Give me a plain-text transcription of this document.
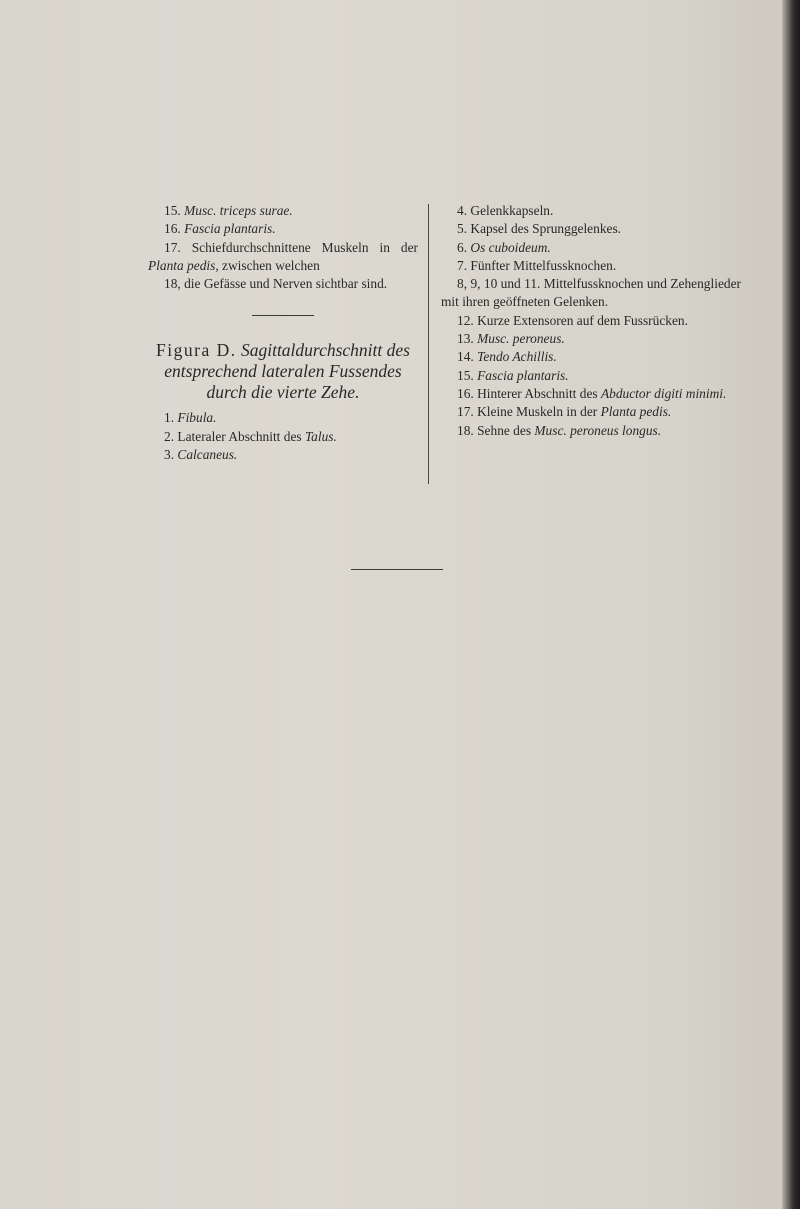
15. Musc. triceps surae.

16. Fascia plantaris.

17. Schiefdurchschnittene Muskeln in der Planta pedis, zwischen welchen

18, die Gefässe und Nerven sichtbar sind.

Figura D. Sagittaldurchschnitt des entsprechend lateralen Fussendes durch die vierte Zehe.

1. Fibula.

2. Lateraler Abschnitt des Talus.

3. Calcaneus.

4. Gelenkkapseln.

5. Kapsel des Sprunggelenkes.

6. Os cuboideum.

7. Fünfter Mittelfussknochen.

8, 9, 10 und 11. Mittelfussknochen und Zehenglieder mit ihren geöffneten Gelenken.

12. Kurze Extensoren auf dem Fussrücken.

13. Musc. peroneus.

14. Tendo Achillis.

15. Fascia plantaris.

16. Hinterer Abschnitt des Abductor digiti minimi.

17. Kleine Muskeln in der Planta pedis.

18. Sehne des Musc. peroneus longus.
